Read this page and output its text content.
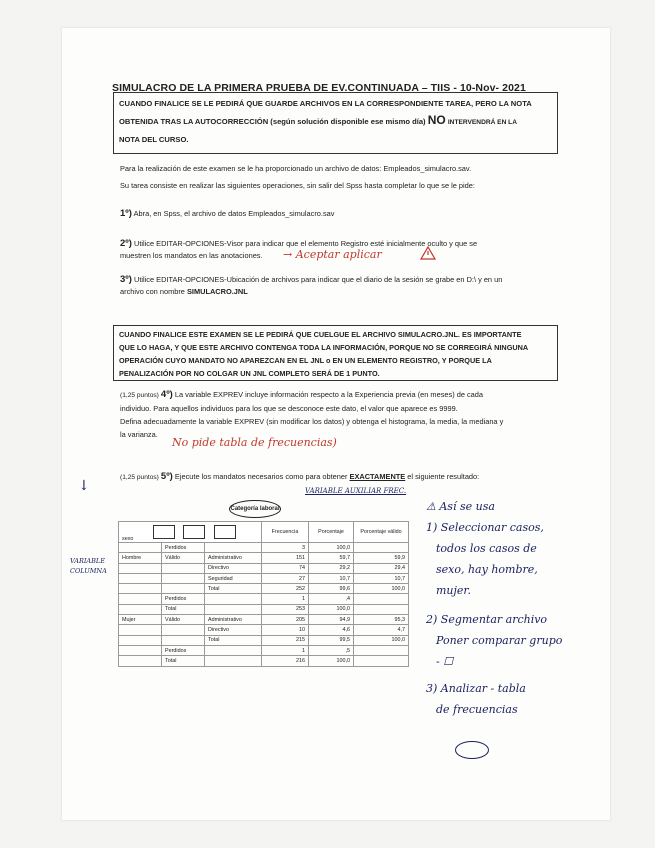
SIMULACRO DE LA PRIMERA PRUEBA DE EV.CONTINUADA – TIIS - 10-Nov- 2021
CUANDO FINALICE SE LE PEDIRÁ QUE GUARDE ARCHIVOS EN LA CORRESPONDIENTE TAREA, PERO LA NOTA
OBTENIDA TRAS LA AUTOCORRECCIÓN (según solución disponible ese mismo día) NO INTERVENDRÁ EN LA
NOTA DEL CURSO.
Para la realización de este examen se le ha proporcionado un archivo de datos: Empleados_simulacro.sav.
Su tarea consiste en realizar las siguientes operaciones, sin salir del Spss hasta completar lo que se le pide:
1º) Abra, en Spss, el archivo de datos Empleados_simulacro.sav
2º) Utilice EDITAR-OPCIONES-Visor para indicar que el elemento Registro esté inicialmente oculto y que se
muestren los mandatos en las anotaciones.	→ Aceptar aplicar
3º) Utilice EDITAR-OPCIONES-Ubicación de archivos para indicar que el diario de la sesión se grabe en D:\ y en un
archivo con nombre SIMULACRO.JNL
CUANDO FINALICE ESTE EXAMEN SE LE PEDIRÁ QUE CUELGUE EL ARCHIVO SIMULACRO.JNL. ES IMPORTANTE
QUE LO HAGA, Y QUE ESTE ARCHIVO CONTENGA TODA LA INFORMACIÓN, PORQUE NO SE CORREGIRÁ NINGUNA
OPERACIÓN CUYO MANDATO NO APAREZCAN EN EL JNL o EN UN ELEMENTO REGISTRO, Y PORQUE LA
PENALIZACIÓN POR NO COLGAR UN JNL COMPLETO SERÁ DE 1 PUNTO.
(1,25 puntos) 4º) La variable EXPREV incluye información respecto a la Experiencia previa (en meses) de cada
individuo. Para aquellos individuos para los que se desconoce este dato, el valor que aparece es 9999.
Defina adecuadamente la variable EXPREV (sin modificar los datos) y obtenga el histograma, la media, la mediana y
la varianza.
No pide tabla de frecuencias)
(1,25 puntos) 5º) Ejecute los mandatos necesarios como para obtener EXACTAMENTE el siguiente resultado:
↓	VARIABLE AUXILIAR FREC.
Categoría laboral
VARIABLE
COLUMNA
sexo			Frecuencia	Porcentaje	Porcentaje válido
	Perdidos		3	100,0	
Hombre	Válido	Administrativo	151	59,7	59,9
		Directivo	74	29,2	29,4
		Seguridad	27	10,7	10,7
		Total	252	99,6	100,0
	Perdidos		1	,4	
	Total		253	100,0	
Mujer	Válido	Administrativo	205	94,9	95,3
		Directivo	10	4,6	4,7
		Total	215	99,5	100,0
	Perdidos		1	,5	
	Total		216	100,0	
⚠ Así se usa
1) Seleccionar casos,
todos los casos de
sexo, hay hombre,
mujer.
2) Segmentar archivo
Poner comparar grupo
- ☐
3) Analizar - tabla
de frecuencias
